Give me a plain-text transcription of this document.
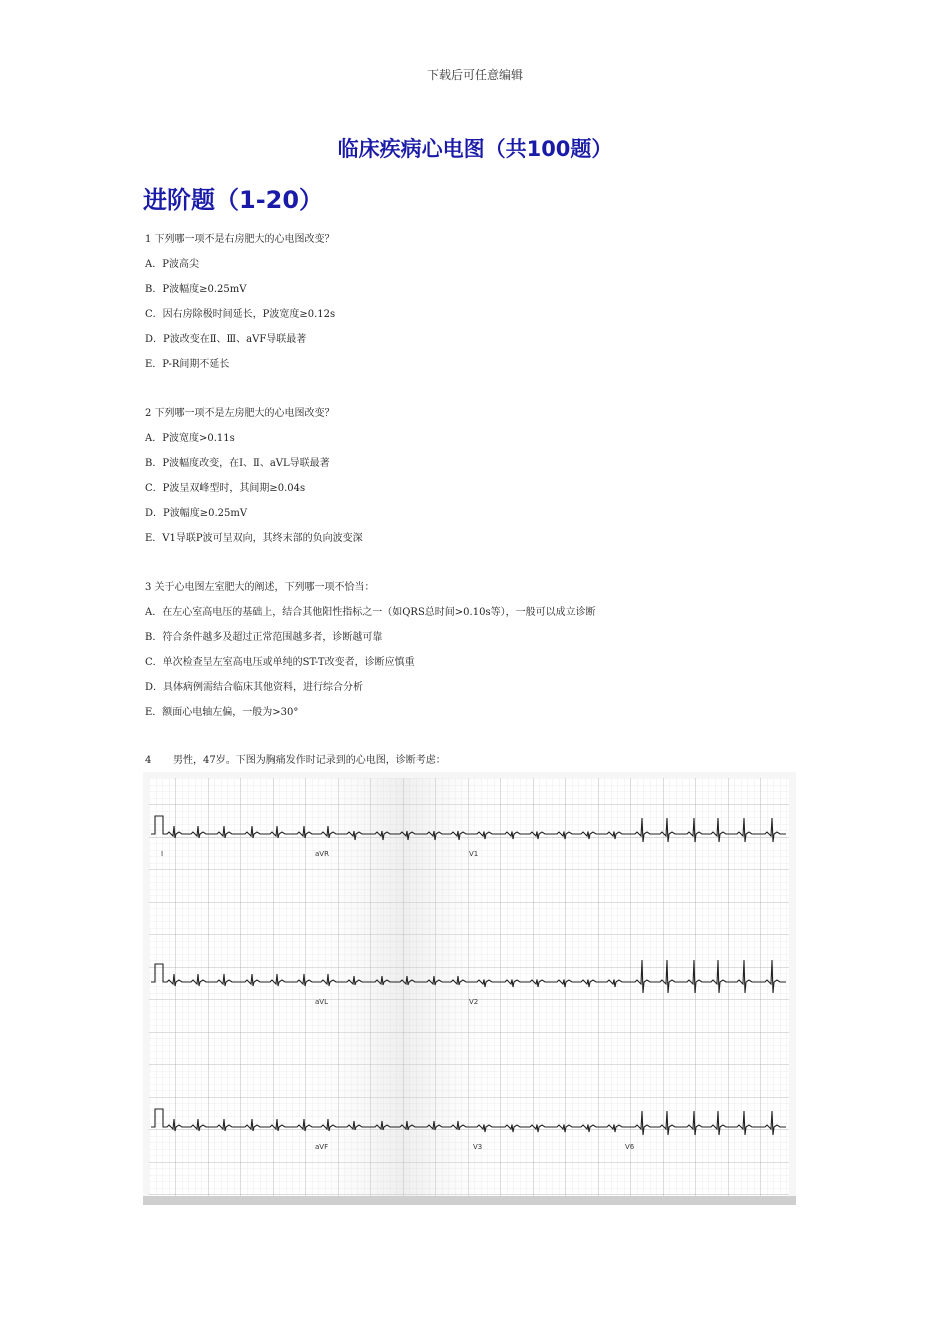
下载后可任意编辑
临床疾病心电图（共100题）
进阶题（1-20）
1 下列哪一项不是右房肥大的心电图改变？
A．P波高尖
B．P波幅度≥0.25mV
C．因右房除极时间延长，P波宽度≥0.12s
D．P波改变在Ⅱ、Ⅲ、aVF导联最著
E．P-R间期不延长
2 下列哪一项不是左房肥大的心电图改变？
A．P波宽度>0.11s
B．P波幅度改变，在Ⅰ、Ⅱ、aVL导联最著
C．P波呈双峰型时，其间期≥0.04s
D．P波幅度≥0.25mV
E．V1导联P波可呈双向，其终末部的负向波变深
3 关于心电图左室肥大的阐述，下列哪一项不恰当：
A．在左心室高电压的基础上，结合其他阳性指标之一（如QRS总时间>0.10s等），一般可以成立诊断
B．符合条件越多及超过正常范围越多者，诊断越可靠
C．单次检查呈左室高电压或单纯的ST-T改变者，诊断应慎重
D．具体病例需结合临床其他资料，进行综合分析
E．额面心电轴左偏，一般为>30°
4 男性，47岁。下图为胸痛发作时记录到的心电图，诊断考虑：
I	aVR	V1
aVL	V2
aVF	V3	V6
